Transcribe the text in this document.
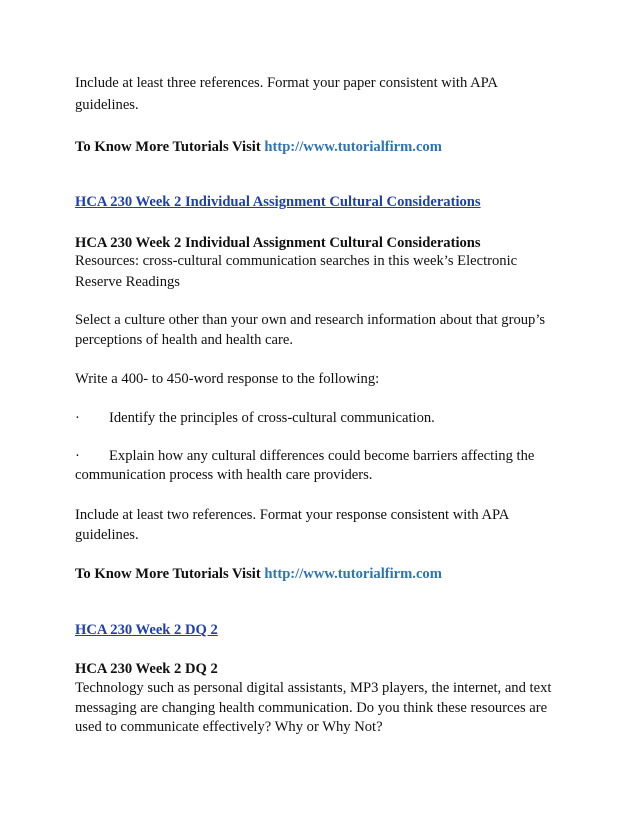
Include at least three references. Format your paper consistent with APA
guidelines.
To Know More Tutorials Visit http://www.tutorialfirm.com
HCA 230 Week 2 Individual Assignment Cultural Considerations
HCA 230 Week 2 Individual Assignment Cultural Considerations
Resources: cross-cultural communication searches in this week’s Electronic
Reserve Readings
Select a culture other than your own and research information about that group’s
perceptions of health and health care.
Write a 400- to 450-word response to the following:
· Identify the principles of cross-cultural communication.
· Explain how any cultural differences could become barriers affecting the
communication process with health care providers.
Include at least two references. Format your response consistent with APA
guidelines.
To Know More Tutorials Visit http://www.tutorialfirm.com
HCA 230 Week 2 DQ 2
HCA 230 Week 2 DQ 2
Technology such as personal digital assistants, MP3 players, the internet, and text
messaging are changing health communication. Do you think these resources are
used to communicate effectively? Why or Why Not?
